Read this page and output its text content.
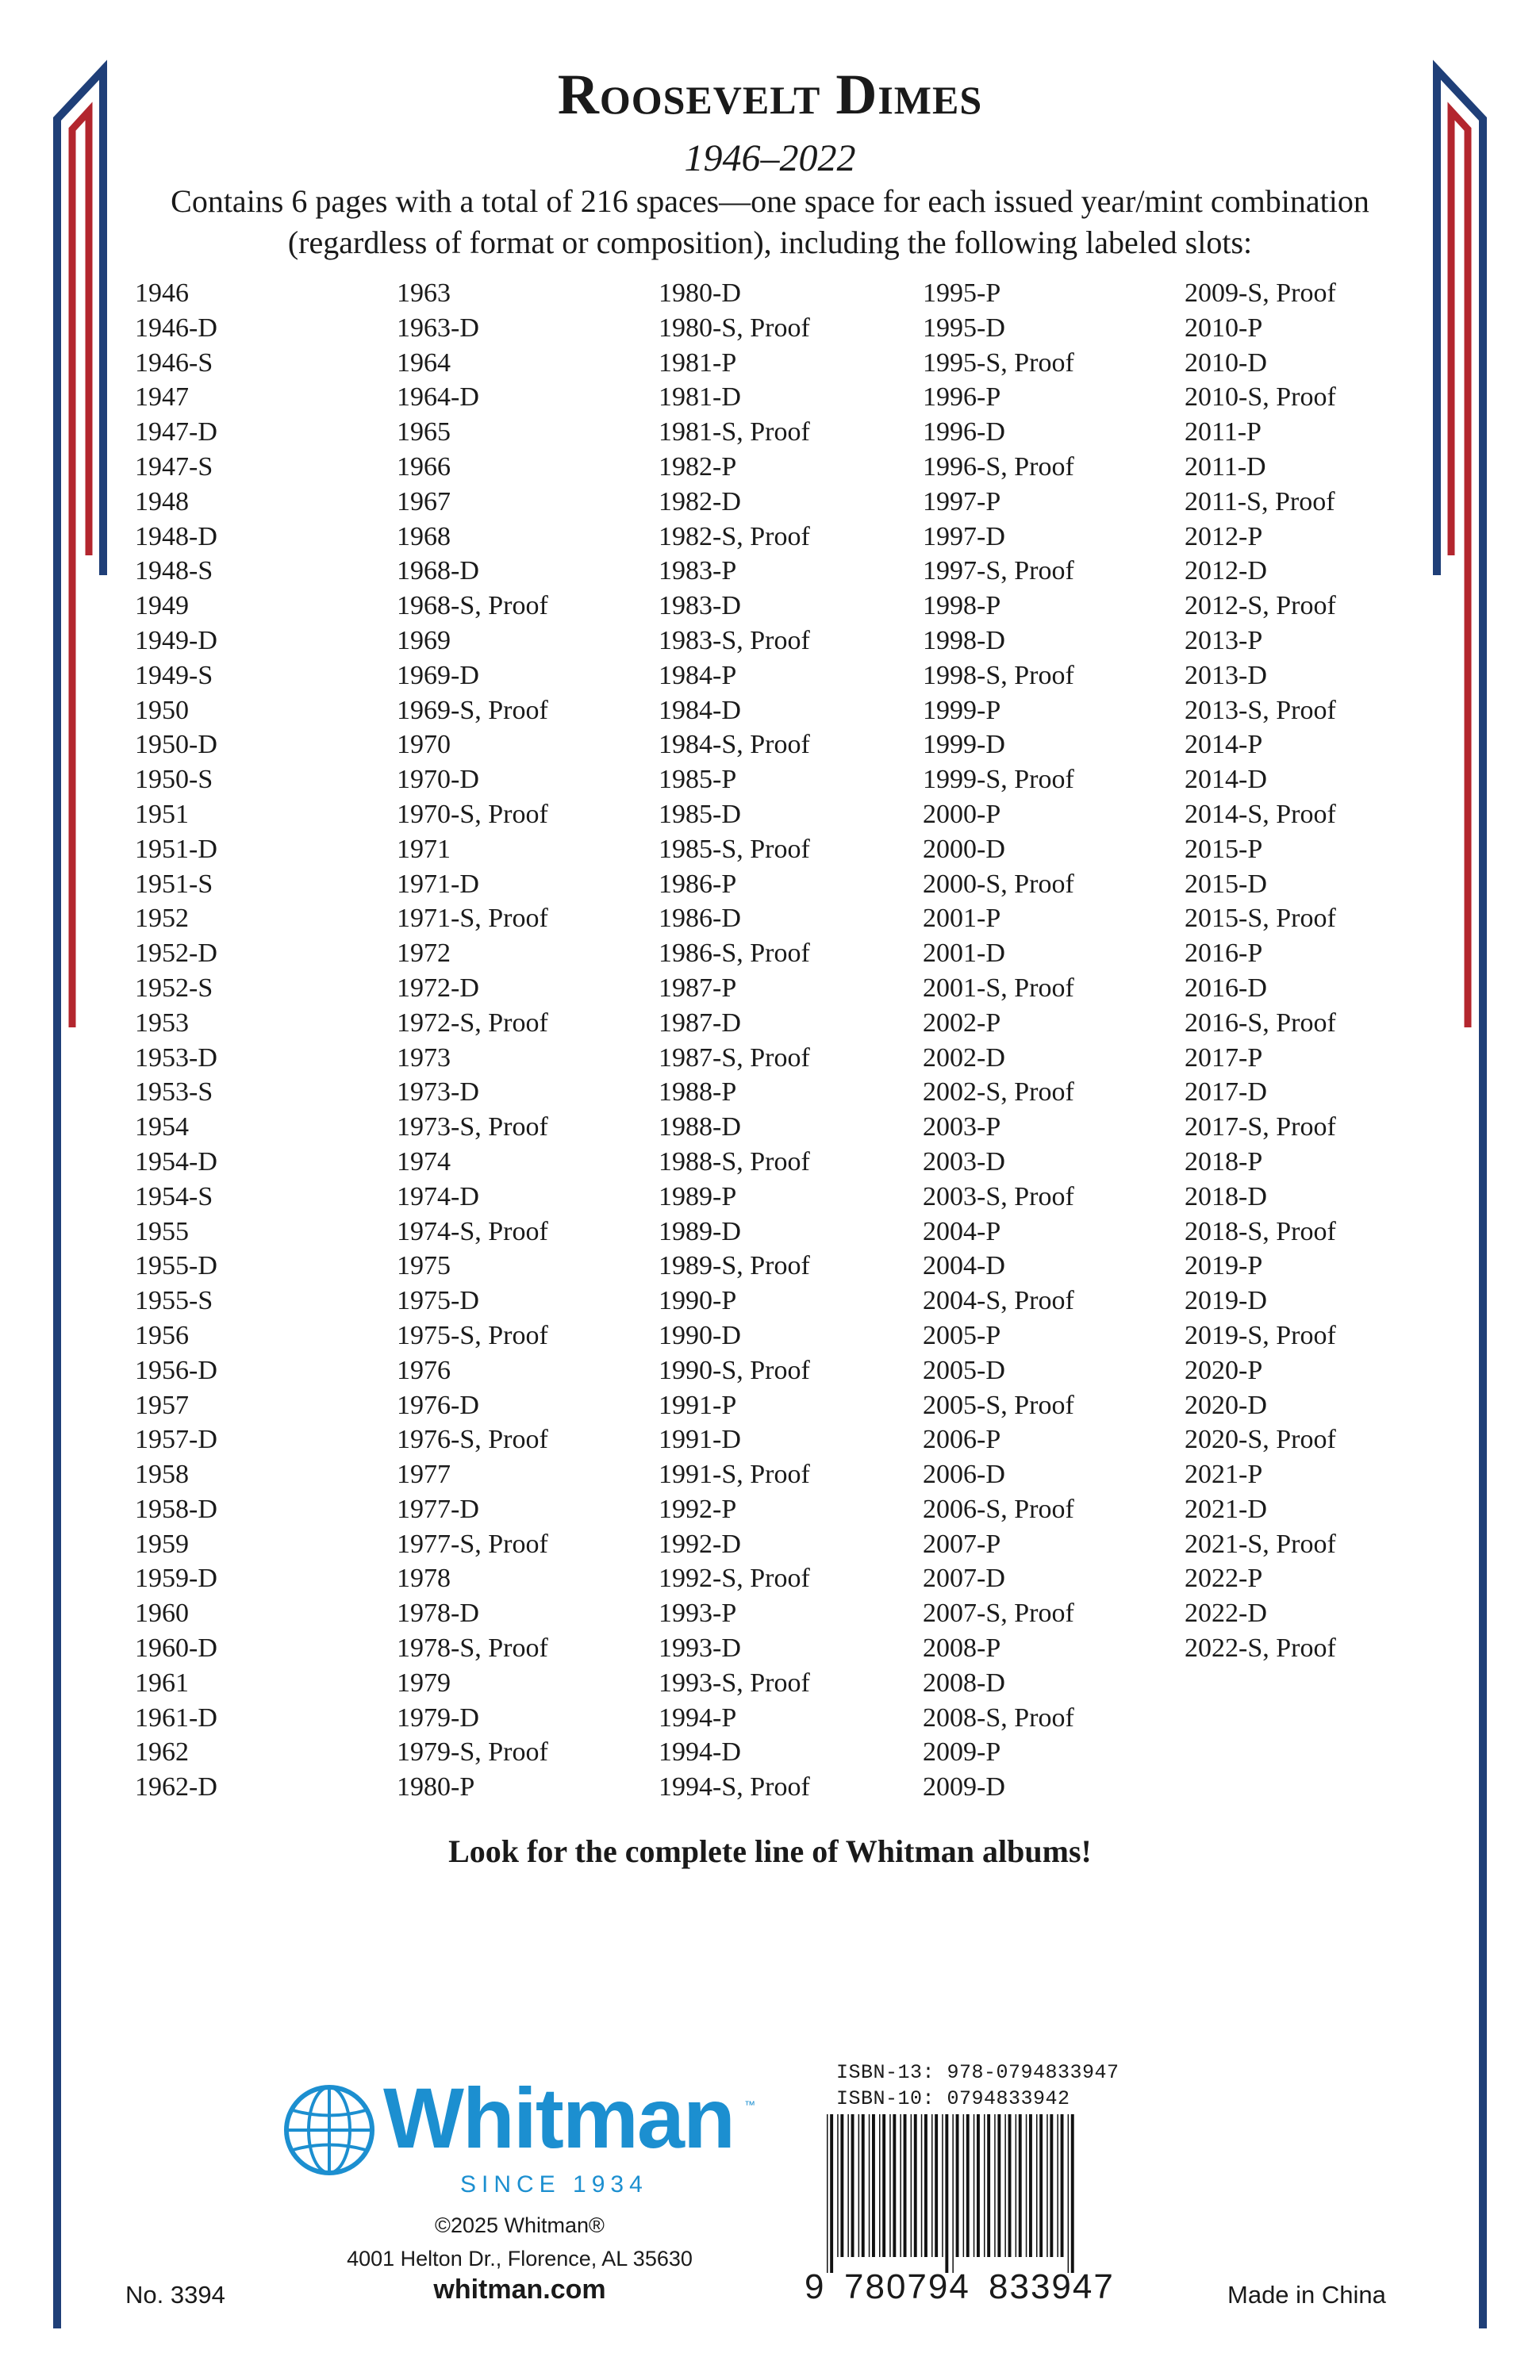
Roosevelt Dimes

1946–2022

Contains 6 pages with a total of 216 spaces—one space for each issued year/mint combination (regardless of format or composition), including the following labeled slots:

1946
1946-D
1946-S
1947
1947-D
1947-S
1948
1948-D
1948-S
1949
1949-D
1949-S
1950
1950-D
1950-S
1951
1951-D
1951-S
1952
1952-D
1952-S
1953
1953-D
1953-S
1954
1954-D
1954-S
1955
1955-D
1955-S
1956
1956-D
1957
1957-D
1958
1958-D
1959
1959-D
1960
1960-D
1961
1961-D
1962
1962-D
1963
1963-D
1964
1964-D
1965
1966
1967
1968
1968-D
1968-S, Proof
1969
1969-D
1969-S, Proof
1970
1970-D
1970-S, Proof
1971
1971-D
1971-S, Proof
1972
1972-D
1972-S, Proof
1973
1973-D
1973-S, Proof
1974
1974-D
1974-S, Proof
1975
1975-D
1975-S, Proof
1976
1976-D
1976-S, Proof
1977
1977-D
1977-S, Proof
1978
1978-D
1978-S, Proof
1979
1979-D
1979-S, Proof
1980-P
1980-D
1980-S, Proof
1981-P
1981-D
1981-S, Proof
1982-P
1982-D
1982-S, Proof
1983-P
1983-D
1983-S, Proof
1984-P
1984-D
1984-S, Proof
1985-P
1985-D
1985-S, Proof
1986-P
1986-D
1986-S, Proof
1987-P
1987-D
1987-S, Proof
1988-P
1988-D
1988-S, Proof
1989-P
1989-D
1989-S, Proof
1990-P
1990-D
1990-S, Proof
1991-P
1991-D
1991-S, Proof
1992-P
1992-D
1992-S, Proof
1993-P
1993-D
1993-S, Proof
1994-P
1994-D
1994-S, Proof
1995-P
1995-D
1995-S, Proof
1996-P
1996-D
1996-S, Proof
1997-P
1997-D
1997-S, Proof
1998-P
1998-D
1998-S, Proof
1999-P
1999-D
1999-S, Proof
2000-P
2000-D
2000-S, Proof
2001-P
2001-D
2001-S, Proof
2002-P
2002-D
2002-S, Proof
2003-P
2003-D
2003-S, Proof
2004-P
2004-D
2004-S, Proof
2005-P
2005-D
2005-S, Proof
2006-P
2006-D
2006-S, Proof
2007-P
2007-D
2007-S, Proof
2008-P
2008-D
2008-S, Proof
2009-P
2009-D
2009-S, Proof
2010-P
2010-D
2010-S, Proof
2011-P
2011-D
2011-S, Proof
2012-P
2012-D
2012-S, Proof
2013-P
2013-D
2013-S, Proof
2014-P
2014-D
2014-S, Proof
2015-P
2015-D
2015-S, Proof
2016-P
2016-D
2016-S, Proof
2017-P
2017-D
2017-S, Proof
2018-P
2018-D
2018-S, Proof
2019-P
2019-D
2019-S, Proof
2020-P
2020-D
2020-S, Proof
2021-P
2021-D
2021-S, Proof
2022-P
2022-D
2022-S, Proof

Look for the complete line of Whitman albums!

Whitman ™
SINCE 1934

©2025 Whitman®

4001 Helton Dr., Florence, AL 35630

whitman.com

No. 3394	Made in China

ISBN-13: 978-0794833947

ISBN-10: 0794833942

9 780794 833947
